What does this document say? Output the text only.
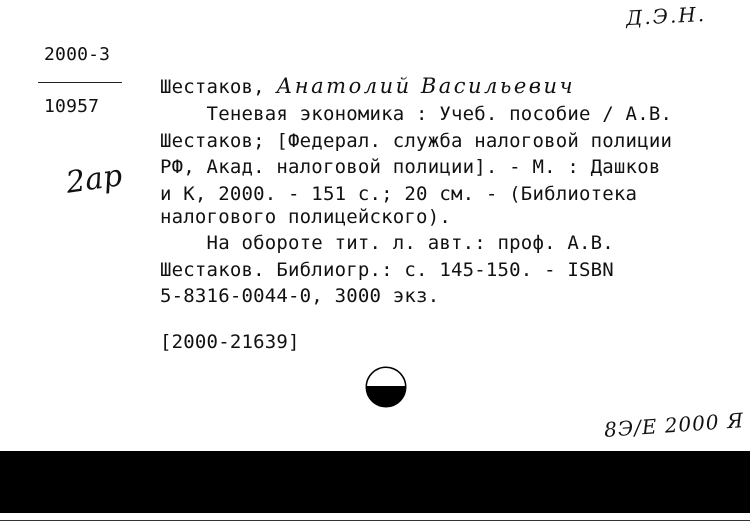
Д.Э.Н.
2000-3
10957
2ар
Шестаков, Анатолий Васильевич
Теневая экономика : Учеб. пособие / А.В.
Шестаков; [Федерал. служба налоговой полиции
РФ, Акад. налоговой полиции]. - М. : Дашков
и К, 2000. - 151 с.; 20 см. - (Библиотека
налогового полицейского).
На обороте тит. л. авт.: проф. А.В.
Шестаков. Библиогр.: с. 145-150. - ISBN
5-8316-0044-0, 3000 экз.
[2000-21639]
8Э/Е 2000 Я
